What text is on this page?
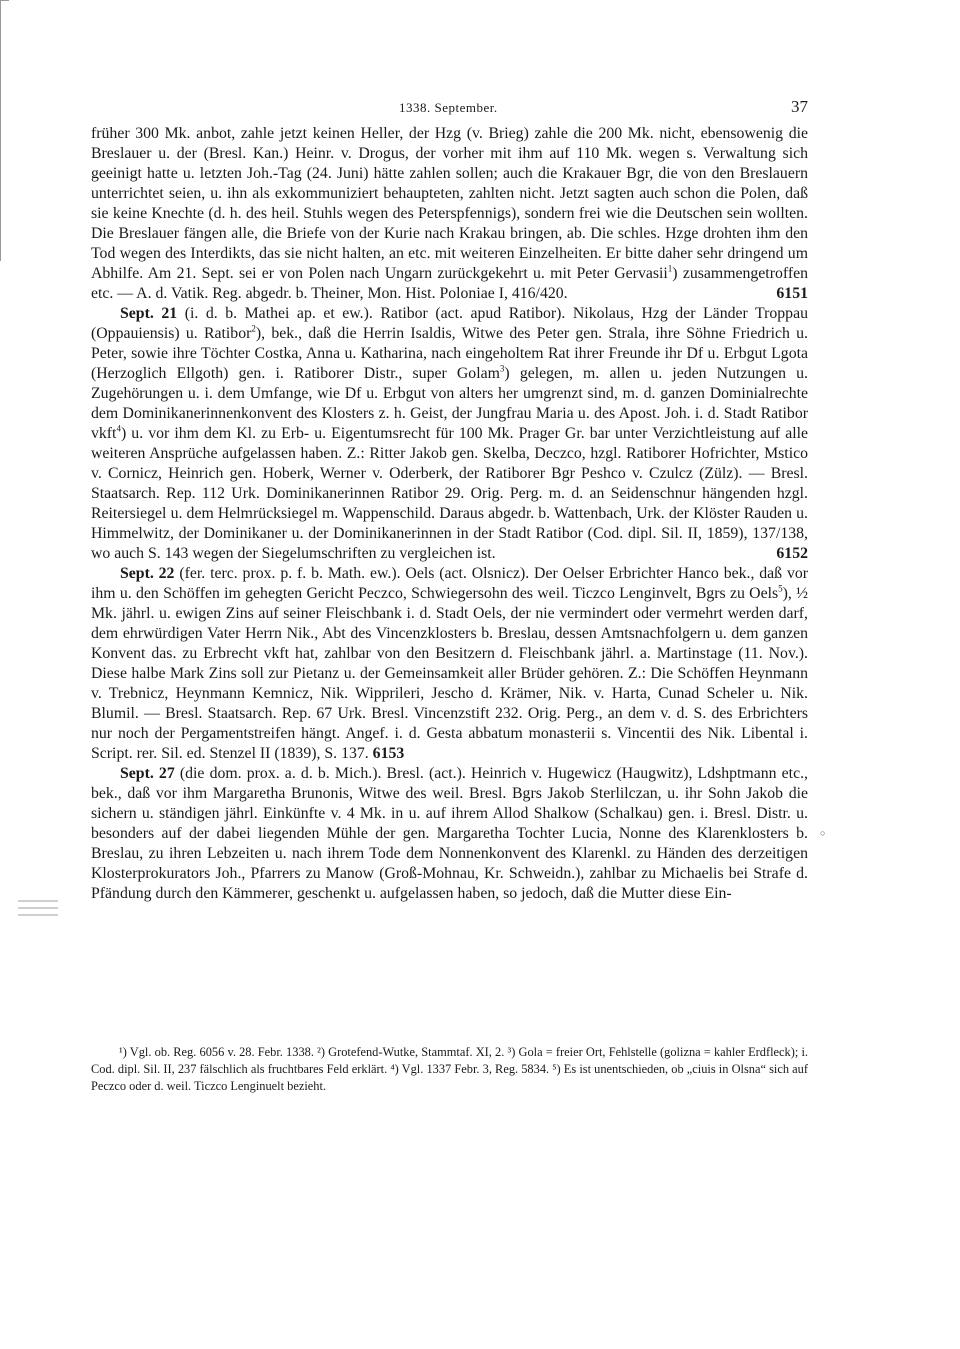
1338. September.	37

früher 300 Mk. anbot, zahle jetzt keinen Heller, der Hzg (v. Brieg) zahle die 200 Mk. nicht, ebensowenig die Breslauer u. der (Bresl. Kan.) Heinr. v. Drogus, der vorher mit ihm auf 110 Mk. wegen s. Verwaltung sich geeinigt hatte u. letzten Joh.-Tag (24. Juni) hätte zahlen sollen; auch die Krakauer Bgr, die von den Breslauern unterrichtet seien, u. ihn als exkommuniziert behaupteten, zahlten nicht. Jetzt sagten auch schon die Polen, daß sie keine Knechte (d. h. des heil. Stuhls wegen des Peterspfennigs), sondern frei wie die Deutschen sein wollten. Die Breslauer fängen alle, die Briefe von der Kurie nach Krakau bringen, ab. Die schles. Hzge drohten ihm den Tod wegen des Interdikts, das sie nicht halten, an etc. mit weiteren Einzelheiten. Er bitte daher sehr dringend um Abhilfe. Am 21. Sept. sei er von Polen nach Ungarn zurückgekehrt u. mit Peter Gervasii$^1$) zusammengetroffen etc. — A. d. Vatik. Reg. abgedr. b. Theiner, Mon. Hist. Poloniae I, 416/420.	6151

Sept. 21 (i. d. b. Mathei ap. et ew.). Ratibor (act. apud Ratibor). Nikolaus, Hzg der Länder Troppau (Oppauiensis) u. Ratibor$^2$), bek., daß die Herrin Isaldis, Witwe des Peter gen. Strala, ihre Söhne Friedrich u. Peter, sowie ihre Töchter Costka, Anna u. Katharina, nach eingeholtem Rat ihrer Freunde ihr Df u. Erbgut Lgota (Herzoglich Ellgoth) gen. i. Ratiborer Distr., super Golam$^3$) gelegen, m. allen u. jeden Nutzungen u. Zugehörungen u. i. dem Umfange, wie Df u. Erbgut von alters her umgrenzt sind, m. d. ganzen Dominialrechte dem Dominikanerinnenkonvent des Klosters z. h. Geist, der Jungfrau Maria u. des Apost. Joh. i. d. Stadt Ratibor vkft$^4$) u. vor ihm dem Kl. zu Erb- u. Eigentumsrecht für 100 Mk. Prager Gr. bar unter Verzichtleistung auf alle weiteren Ansprüche aufgelassen haben. Z.: Ritter Jakob gen. Skelba, Deczco, hzgl. Ratiborer Hofrichter, Mstico v. Cornicz, Heinrich gen. Hoberk, Werner v. Oderberk, der Ratiborer Bgr Peshco v. Czulcz (Zülz). — Bresl. Staatsarch. Rep. 112 Urk. Dominikanerinnen Ratibor 29. Orig. Perg. m. d. an Seidenschnur hängenden hzgl. Reitersiegel u. dem Helmrücksiegel m. Wappenschild. Daraus abgedr. b. Wattenbach, Urk. der Klöster Rauden u. Himmelwitz, der Dominikaner u. der Dominikanerinnen in der Stadt Ratibor (Cod. dipl. Sil. II, 1859), 137/138, wo auch S. 143 wegen der Siegelumschriften zu vergleichen ist.	6152

Sept. 22 (fer. terc. prox. p. f. b. Math. ew.). Oels (act. Olsnicz). Der Oelser Erbrichter Hanco bek., daß vor ihm u. den Schöffen im gehegten Gericht Peczco, Schwiegersohn des weil. Ticzco Lenginvelt, Bgrs zu Oels$^5$), ½ Mk. jährl. u. ewigen Zins auf seiner Fleischbank i. d. Stadt Oels, der nie vermindert oder vermehrt werden darf, dem ehrwürdigen Vater Herrn Nik., Abt des Vincenzklosters b. Breslau, dessen Amtsnachfolgern u. dem ganzen Konvent das. zu Erbrecht vkft hat, zahlbar von den Besitzern d. Fleischbank jährl. a. Martinstage (11. Nov.). Diese halbe Mark Zins soll zur Pietanz u. der Gemeinsamkeit aller Brüder gehören. Z.: Die Schöffen Heynmann v. Trebnicz, Heynmann Kemnicz, Nik. Wipprileri, Jescho d. Krämer, Nik. v. Harta, Cunad Scheler u. Nik. Blumil. — Bresl. Staatsarch. Rep. 67 Urk. Bresl. Vincenzstift 232. Orig. Perg., an dem v. d. S. des Erbrichters nur noch der Pergamentstreifen hängt. Angef. i. d. Gesta abbatum monasterii s. Vincentii des Nik. Libental i. Script. rer. Sil. ed. Stenzel II (1839), S. 137. 6153

Sept. 27 (die dom. prox. a. d. b. Mich.). Bresl. (act.). Heinrich v. Hugewicz (Haugwitz), Ldshptmann etc., bek., daß vor ihm Margaretha Brunonis, Witwe des weil. Bresl. Bgrs Jakob Sterlilczan, u. ihr Sohn Jakob die sichern u. ständigen jährl. Einkünfte v. 4 Mk. in u. auf ihrem Allod Shalkow (Schalkau) gen. i. Bresl. Distr. u. besonders auf der dabei liegenden Mühle der gen. Margaretha Tochter Lucia, Nonne des Klarenklosters b. Breslau, zu ihren Lebzeiten u. nach ihrem Tode dem Nonnenkonvent des Klarenkl. zu Händen des derzeitigen Klosterprokurators Joh., Pfarrers zu Manow (Groß-Mohnau, Kr. Schweidn.), zahlbar zu Michaelis bei Strafe d. Pfändung durch den Kämmerer, geschenkt u. aufgelassen haben, so jedoch, daß die Mutter diese Ein-

¹) Vgl. ob. Reg. 6056 v. 28. Febr. 1338. ²) Grotefend-Wutke, Stammtaf. XI, 2. ³) Gola = freier Ort, Fehlstelle (golizna = kahler Erdfleck); i. Cod. dipl. Sil. II, 237 fälschlich als fruchtbares Feld erklärt. ⁴) Vgl. 1337 Febr. 3, Reg. 5834. ⁵) Es ist unentschieden, ob „ciuis in Olsna“ sich auf Peczco oder d. weil. Ticzco Lenginuelt bezieht.

○
